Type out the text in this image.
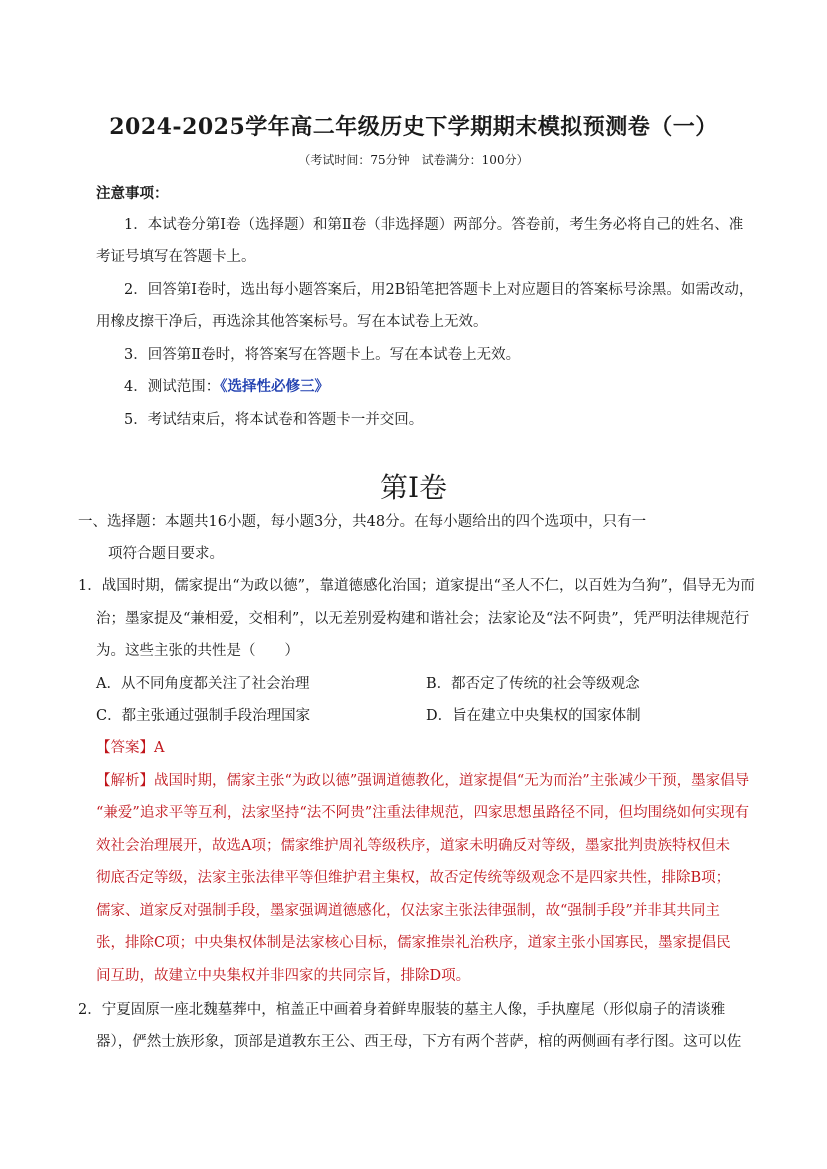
2024-2025学年高二年级历史下学期期末模拟预测卷（一）
（考试时间：75分钟　试卷满分：100分）
注意事项：
1．本试卷分第Ⅰ卷（选择题）和第Ⅱ卷（非选择题）两部分。答卷前，考生务必将自己的姓名、准
考证号填写在答题卡上。
2．回答第Ⅰ卷时，选出每小题答案后，用2B铅笔把答题卡上对应题目的答案标号涂黑。如需改动，
用橡皮擦干净后，再选涂其他答案标号。写在本试卷上无效。
3．回答第Ⅱ卷时，将答案写在答题卡上。写在本试卷上无效。
4．测试范围：《选择性必修三》
5．考试结束后，将本试卷和答题卡一并交回。
第Ⅰ卷
一、选择题：本题共16小题，每小题3分，共48分。在每小题给出的四个选项中，只有一
项符合题目要求。
1．战国时期，儒家提出“为政以德”，靠道德感化治国；道家提出“圣人不仁，以百姓为刍狗”，倡导无为而
治；墨家提及“兼相爱，交相利”，以无差别爱构建和谐社会；法家论及“法不阿贵”，凭严明法律规范行
为。这些主张的共性是（　　）
A．从不同角度都关注了社会治理	B．都否定了传统的社会等级观念
C．都主张通过强制手段治理国家	D．旨在建立中央集权的国家体制
【答案】A
【解析】战国时期，儒家主张“为政以德”强调道德教化，道家提倡“无为而治”主张减少干预，墨家倡导
“兼爱”追求平等互利，法家坚持“法不阿贵”注重法律规范，四家思想虽路径不同，但均围绕如何实现有
效社会治理展开，故选A项；儒家维护周礼等级秩序，道家未明确反对等级，墨家批判贵族特权但未
彻底否定等级，法家主张法律平等但维护君主集权，故否定传统等级观念不是四家共性，排除B项；
儒家、道家反对强制手段，墨家强调道德感化，仅法家主张法律强制，故“强制手段”并非其共同主
张，排除C项；中央集权体制是法家核心目标，儒家推崇礼治秩序，道家主张小国寡民，墨家提倡民
间互助，故建立中央集权并非四家的共同宗旨，排除D项。
2．宁夏固原一座北魏墓葬中，棺盖正中画着身着鲜卑服装的墓主人像，手执麈尾（形似扇子的清谈雅
器），俨然士族形象，顶部是道教东王公、西王母，下方有两个菩萨，棺的两侧画有孝行图。这可以佐
